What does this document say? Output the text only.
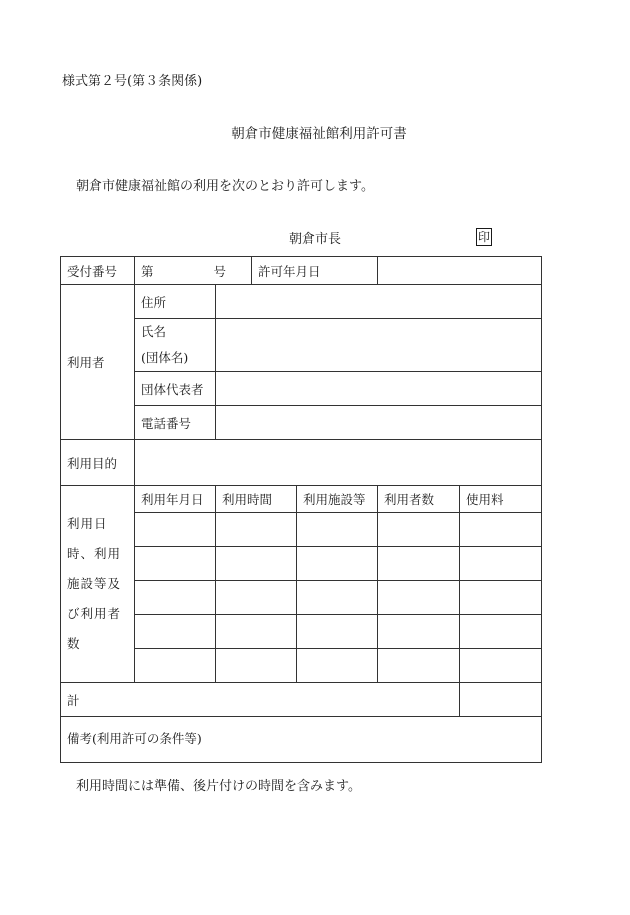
様式第２号(第３条関係)
朝倉市健康福祉館利用許可書
朝倉市健康福祉館の利用を次のとおり許可します。
朝倉市長	印
受付番号	第 号		許可年月日			
利用者	住所					

	氏名
(団体名)					

	団体代表者					
	電話番号					
利用目的						
利用日時、利用施設等及び利用者数	利用年月日	利用時間		利用施設等	利用者数	使用料

計						
備考(利用許可の条件等)						
利用時間には準備、後片付けの時間を含みます。
